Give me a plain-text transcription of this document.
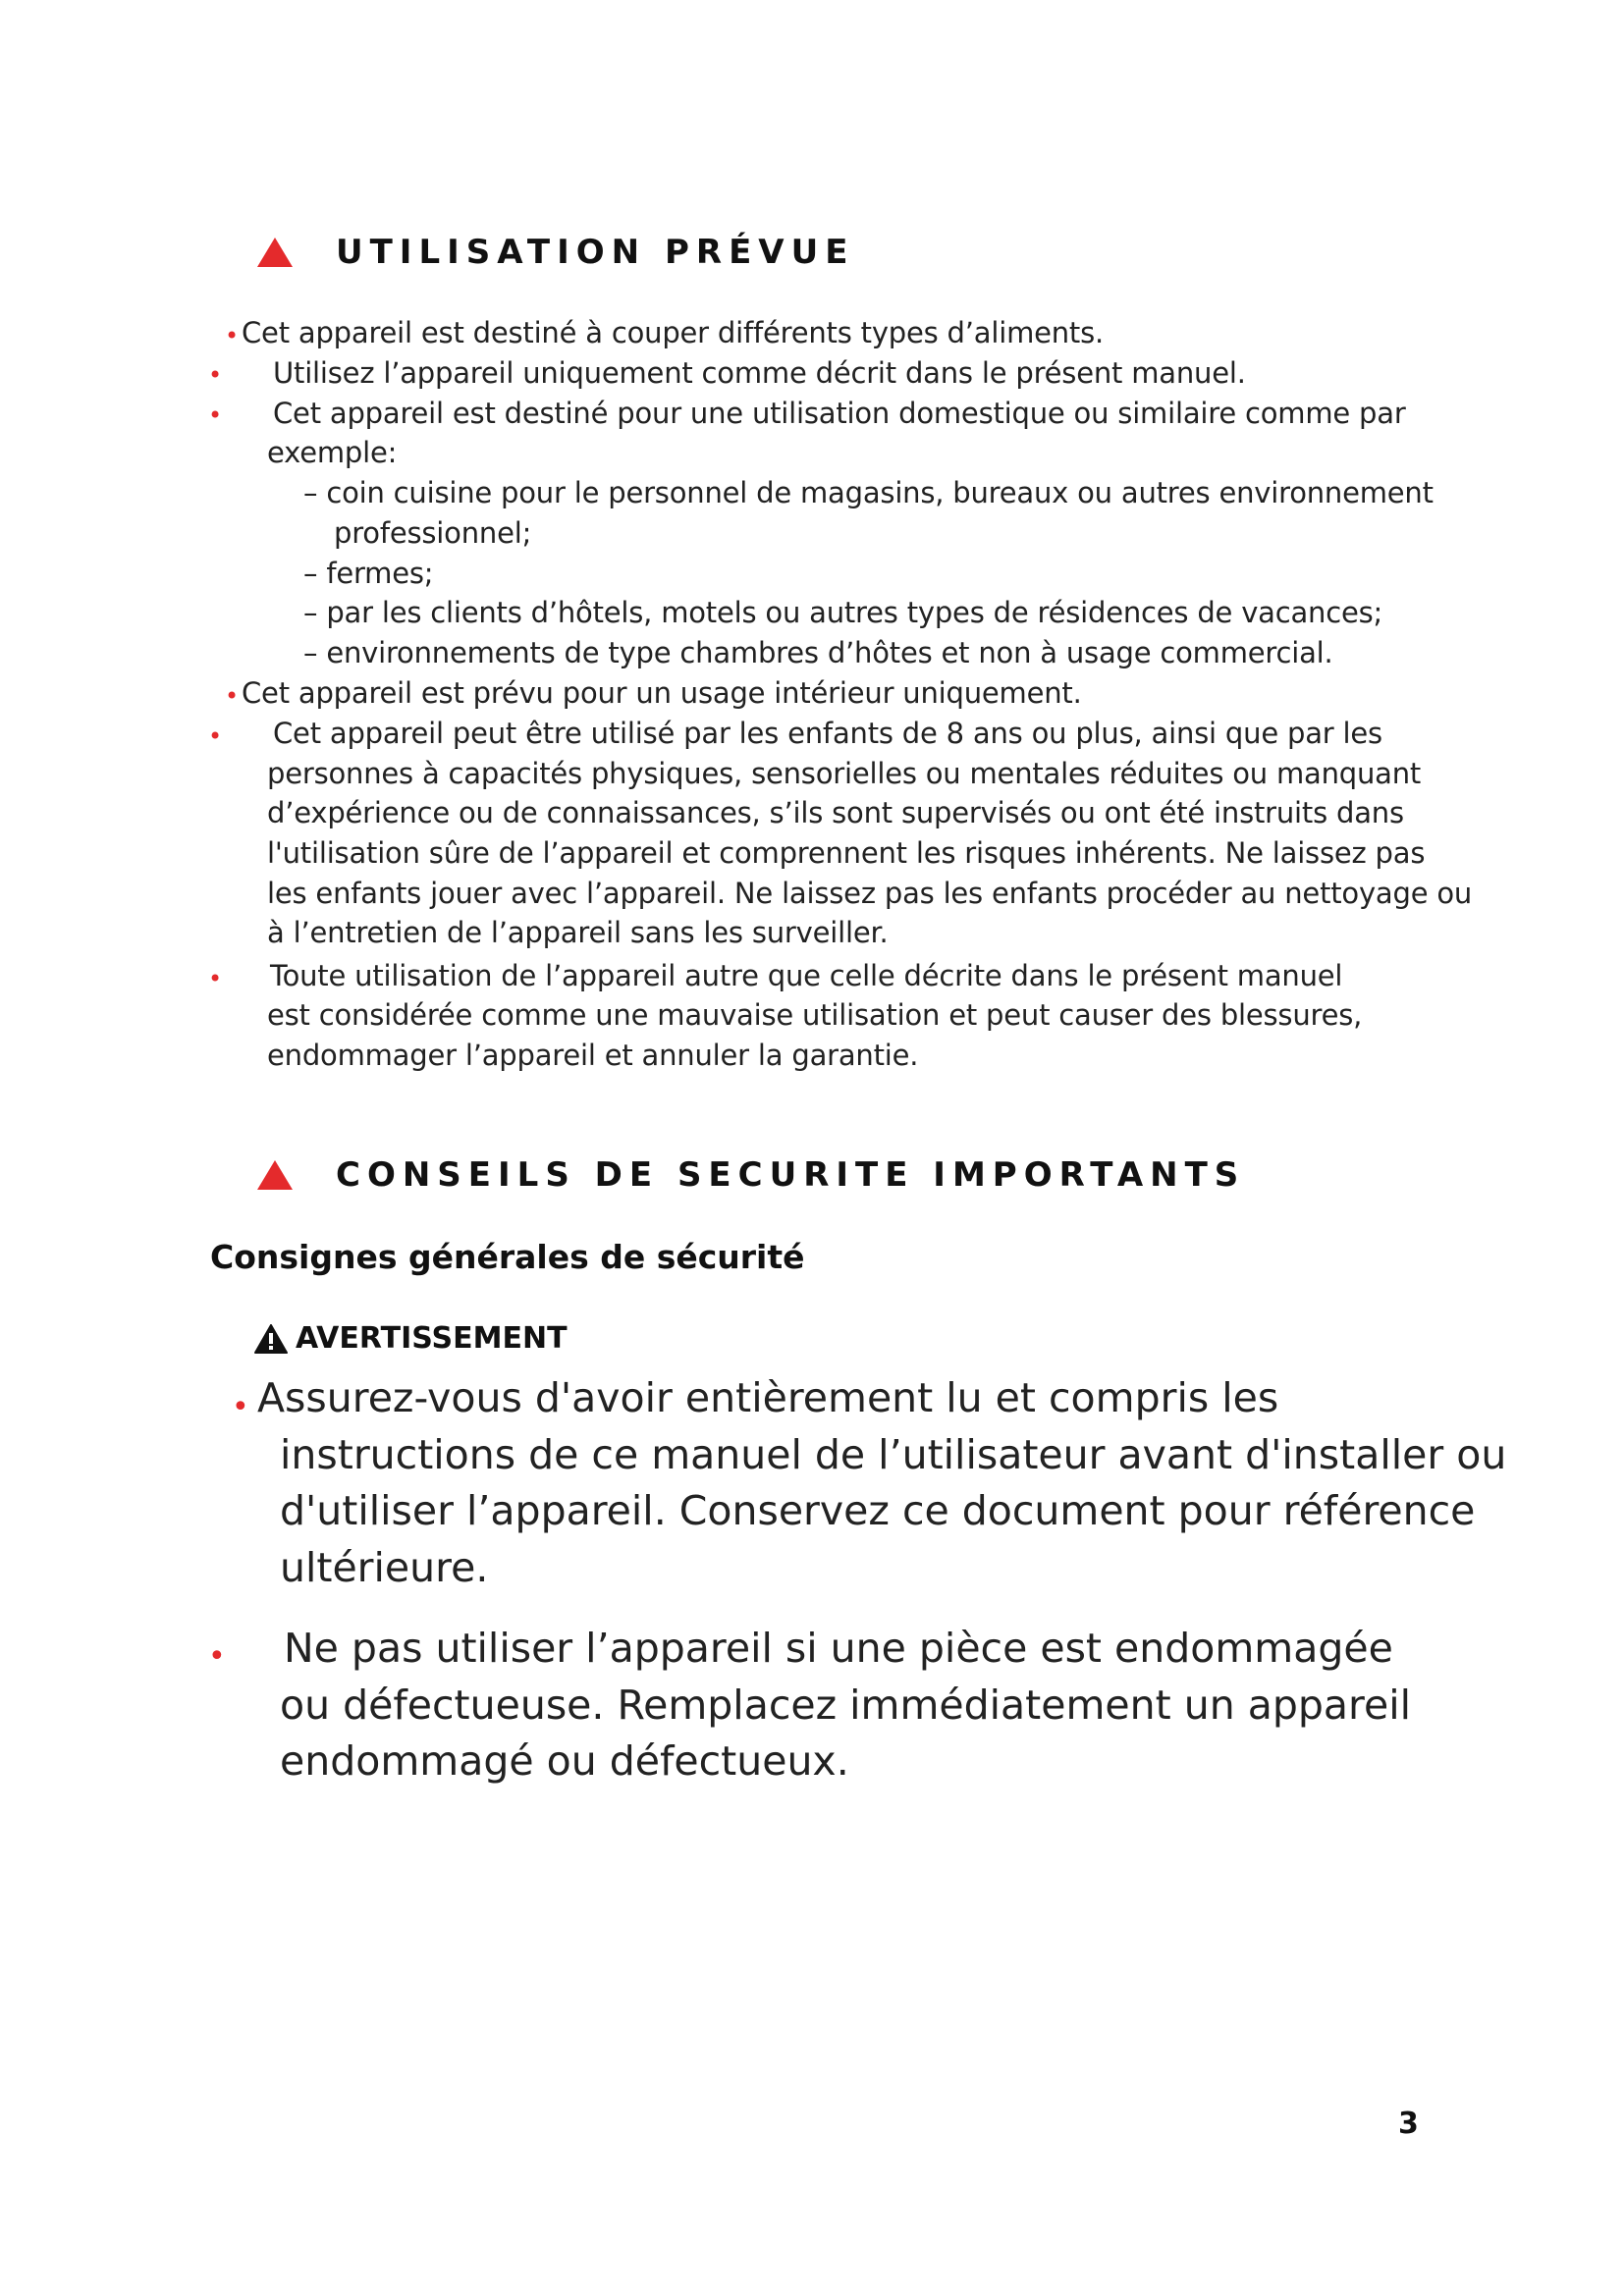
UTILISATION PRÉVUE
•
•
•
•
•
•
Cet appareil est destiné à couper différents types d’aliments.
Utilisez l’appareil uniquement comme décrit dans le présent manuel.
Cet appareil est destiné pour une utilisation domestique ou similaire comme par
exemple:
– coin cuisine pour le personnel de magasins, bureaux ou autres environnement
professionnel;
– fermes;
– par les clients d’hôtels, motels ou autres types de résidences de vacances;
– environnements de type chambres d’hôtes et non à usage commercial.
Cet appareil est prévu pour un usage intérieur uniquement.
Cet appareil peut être utilisé par les enfants de 8 ans ou plus, ainsi que par les
personnes à capacités physiques, sensorielles ou mentales réduites ou manquant
d’expérience ou de connaissances, s’ils sont supervisés ou ont été instruits dans
l'utilisation sûre de l’appareil et comprennent les risques inhérents. Ne laissez pas
les enfants jouer avec l’appareil. Ne laissez pas les enfants procéder au nettoyage ou
à l’entretien de l’appareil sans les surveiller.
Toute utilisation de l’appareil autre que celle décrite dans le présent manuel
est considérée comme une mauvaise utilisation et peut causer des blessures,
endommager l’appareil et annuler la garantie.
CONSEILS DE SECURITE IMPORTANTS
Consignes générales de sécurité
AVERTISSEMENT
•
•
Assurez-vous d'avoir entièrement lu et compris les
instructions de ce manuel de l’utilisateur avant d'installer ou
d'utiliser l’appareil. Conservez ce document pour référence
ultérieure.
Ne pas utiliser l’appareil si une pièce est endommagée
ou défectueuse. Remplacez immédiatement un appareil
endommagé ou défectueux.
3
